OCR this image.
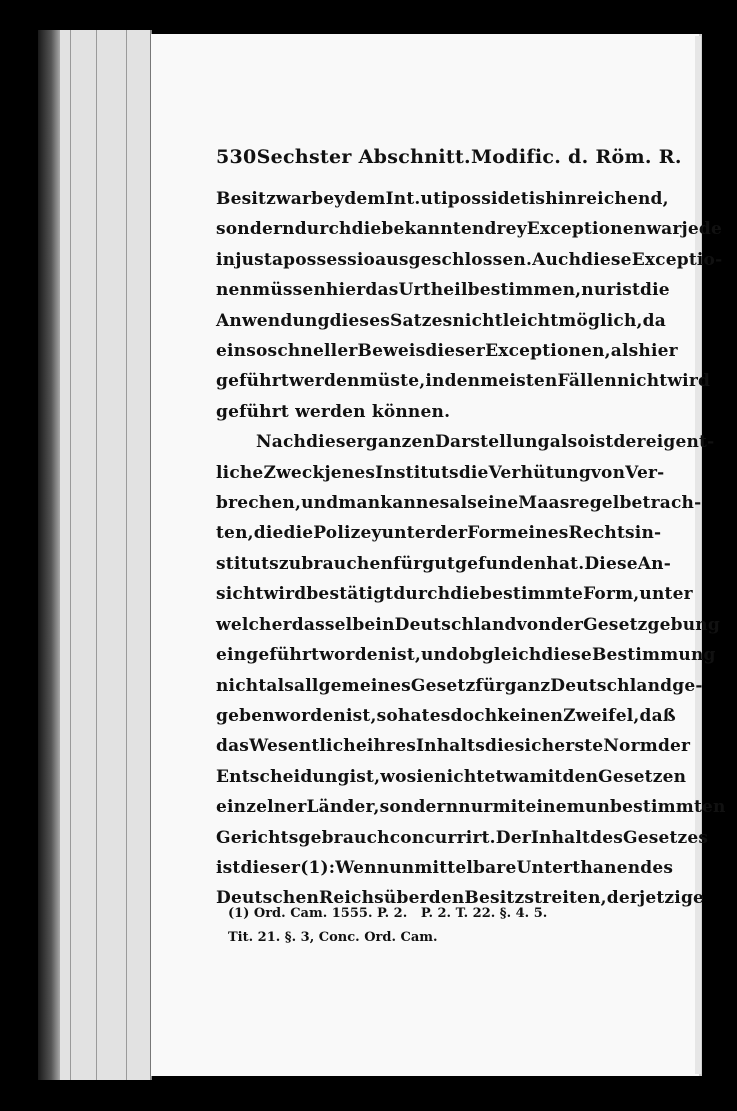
530 Sechster Abschnitt. Modific. d. Röm. R.
Besitz war bey dem Int. uti possidetis hinreichend,
sondern durch die bekannten drey Exceptionen war jede
injusta possessio ausgeschlossen. Auch diese Exceptio-
nen müssen hier das Urtheil bestimmen, nur ist die
Anwendung dieses Satzes nicht leicht möglich, da
ein so schneller Beweis dieser Exceptionen, als hier
geführt werden müste, in den meisten Fällen nicht wird
geführt werden können.
Nach dieser ganzen Darstellung also ist der eigent-
liche Zweck jenes Instituts die Verhütung von Ver-
brechen, und man kann es als eine Maasregel betrach-
ten, die die Polizey unter der Form eines Rechtsin-
stituts zu brauchen für gut gefunden hat. Diese An-
sicht wird bestätigt durch die bestimmte Form, unter
welcher dasselbe in Deutschland von der Gesetzgebung
eingeführt worden ist, und obgleich diese Bestimmung
nicht als allgemeines Gesetz für ganz Deutschland ge-
geben worden ist, so hat es doch keinen Zweifel, daß
das Wesentliche ihres Inhalts die sicherste Norm der
Entscheidung ist, wo sie nicht etwa mit den Gesetzen
einzelner Länder, sondern nur mit einem unbestimmten
Gerichtsgebrauch concurrirt. Der Inhalt des Gesetzes
ist dieser (1): Wenn unmittelbare Unterthanen des
Deutschen Reichs über den Besitz streiten, der jetzige
(1) Ord. Cam. 1555. P. 2.   P. 2. T. 22. §. 4. 5.
Tit. 21. §. 3, Conc. Ord. Cam.
